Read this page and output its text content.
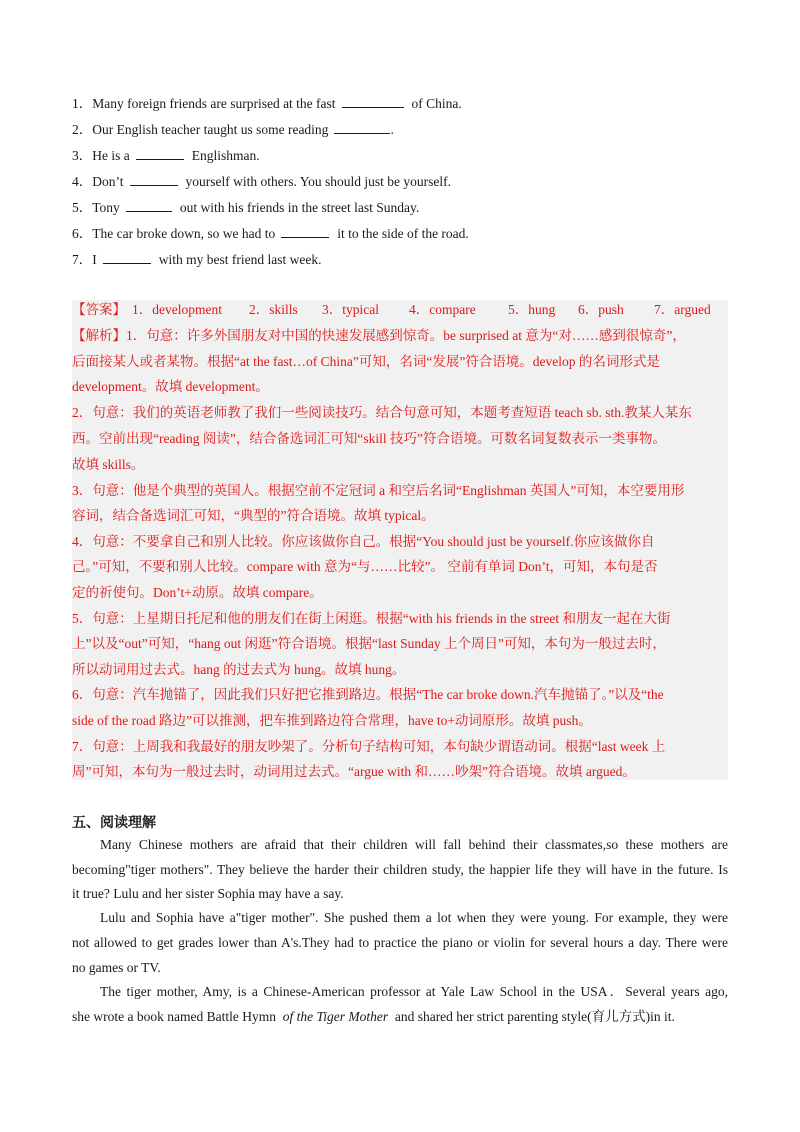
1．Many foreign friends are surprised at the fast	of China.
2．Our English teacher taught us some reading	.
3．He is a	Englishman.
4．Don’t	yourself with others. You should just be yourself.
5．Tony	out with his friends in the street last Sunday.
6．The car broke down, so we had to	it to the side of the road.
7．I	with my best friend last week.
【答案】 1．development 2．skills 3．typical 4．compare 5．hung 6．push 7．argued
【解析】1．句意：许多外国朋友对中国的快速发展感到惊奇。be surprised at 意为“对……感到很惊奇”，
后面接某人或者某物。根据“at the fast…of China”可知，名词“发展”符合语境。develop 的名词形式是
development。故填 development。
2．句意：我们的英语老师教了我们一些阅读技巧。结合句意可知，本题考查短语 teach sb. sth.教某人某东
西。空前出现“reading 阅读”，结合备选词汇可知“skill 技巧”符合语境。可数名词复数表示一类事物。
故填 skills。
3．句意：他是个典型的英国人。根据空前不定冠词 a 和空后名词“Englishman 英国人”可知，本空要用形
容词，结合备选词汇可知，“典型的”符合语境。故填 typical。
4．句意：不要拿自己和别人比较。你应该做你自己。根据“You should just be yourself.你应该做你自
己。”可知，不要和别人比较。compare with 意为“与……比较”。 空前有单词 Don’t，可知，本句是否
定的祈使句。Don’t+动原。故填 compare。
5．句意：上星期日托尼和他的朋友们在街上闲逛。根据“with his friends in the street 和朋友一起在大街
上”以及“out”可知，“hang out 闲逛”符合语境。根据“last Sunday 上个周日”可知，本句为一般过去时，
所以动词用过去式。hang 的过去式为 hung。故填 hung。
6．句意：汽车抛锚了，因此我们只好把它推到路边。根据“The car broke down.汽车抛锚了。”以及“the
side of the road 路边”可以推测，把车推到路边符合常理，have to+动词原形。故填 push。
7．句意：上周我和我最好的朋友吵架了。分析句子结构可知，本句缺少谓语动词。根据“last week 上
周”可知，本句为一般过去时，动词用过去式。“argue with 和……吵架”符合语境。故填 argued。
五、阅读理解
Many Chinese mothers are afraid that their children will fall behind their classmates,so these mothers are
becoming"tiger mothers". They believe the harder their children study, the happier life they will have in the future. Is
it true? Lulu and her sister Sophia may have a say.
Lulu and Sophia have a"tiger mother". She pushed them a lot when they were young. For example, they were
not allowed to get grades lower than A's.They had to practice the piano or violin for several hours a day. There were
no games or TV.
The tiger mother, Amy, is a Chinese-American professor at Yale Law School in the USA．Several years ago,
she wrote a book named Battle Hymn of the Tiger Mother and shared her strict parenting style(育儿方式)in it.
